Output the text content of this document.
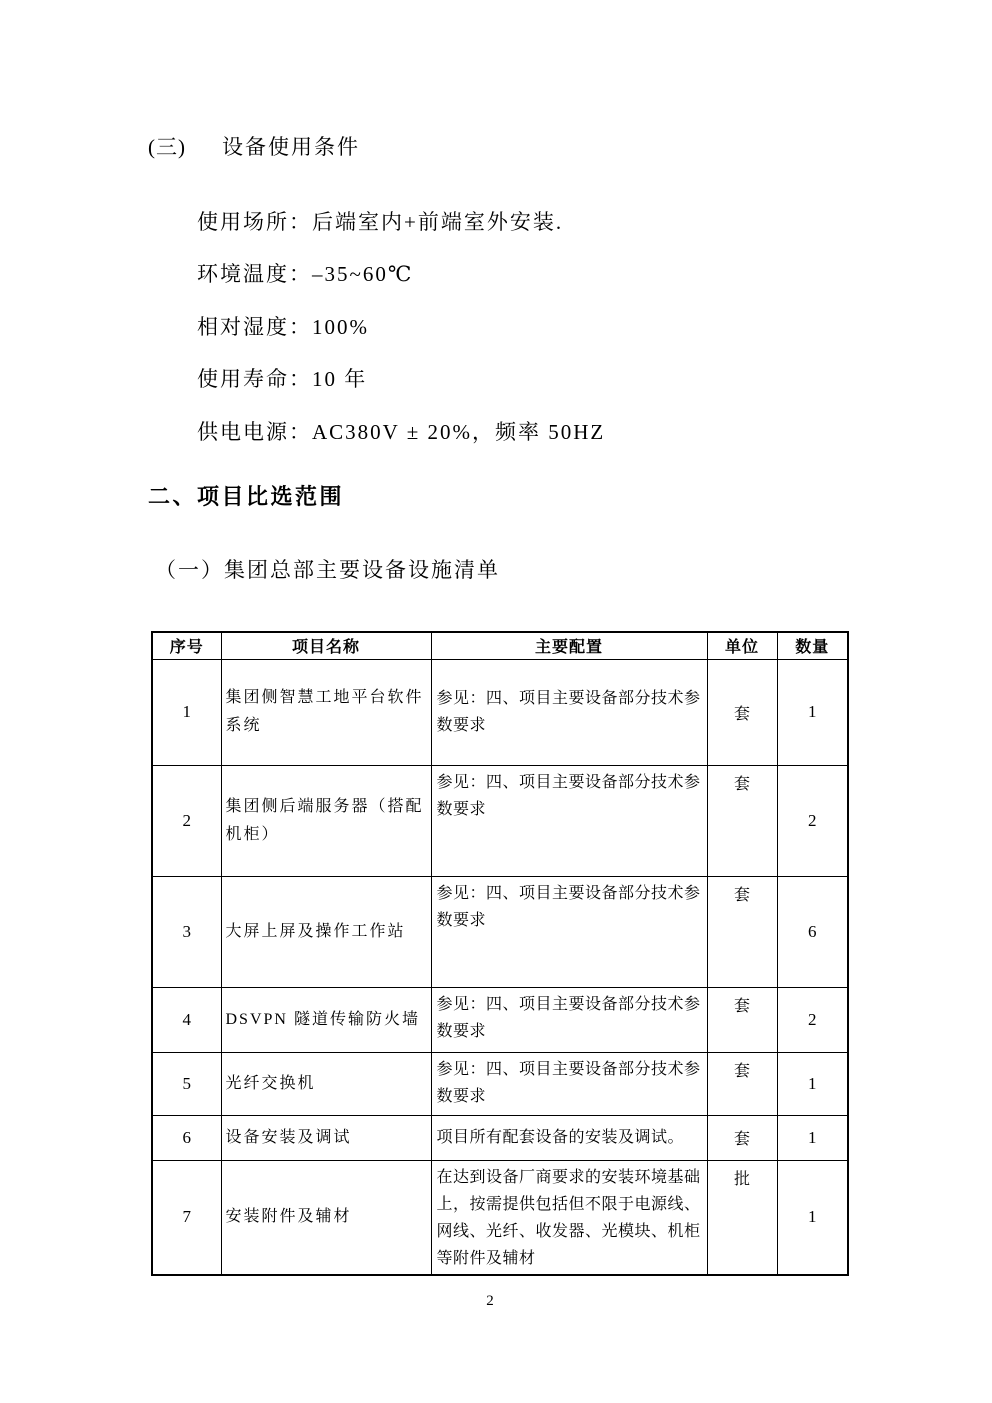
(三) 设备使用条件
使用场所：后端室内+前端室外安装.
环境温度：–35~60℃
相对湿度：100%
使用寿命：10 年
供电电源：AC380V ± 20%，频率 50HZ
二、项目比选范围
（一）集团总部主要设备设施清单
序号	项目名称	主要配置	单位	数量
1	集团侧智慧工地平台软件系统	参见：四、项目主要设备部分技术参数要求	套	1
2	集团侧后端服务器（搭配机柜）	参见：四、项目主要设备部分技术参数要求	套	2
3	大屏上屏及操作工作站	参见：四、项目主要设备部分技术参数要求	套	6
4	DSVPN 隧道传输防火墙	参见：四、项目主要设备部分技术参数要求	套	2
5	光纤交换机	参见：四、项目主要设备部分技术参数要求	套	1
6	设备安装及调试	项目所有配套设备的安装及调试。	套	1
7	安装附件及辅材	在达到设备厂商要求的安装环境基础上，按需提供包括但不限于电源线、网线、光纤、收发器、光模块、机柜等附件及辅材	批	1
2
